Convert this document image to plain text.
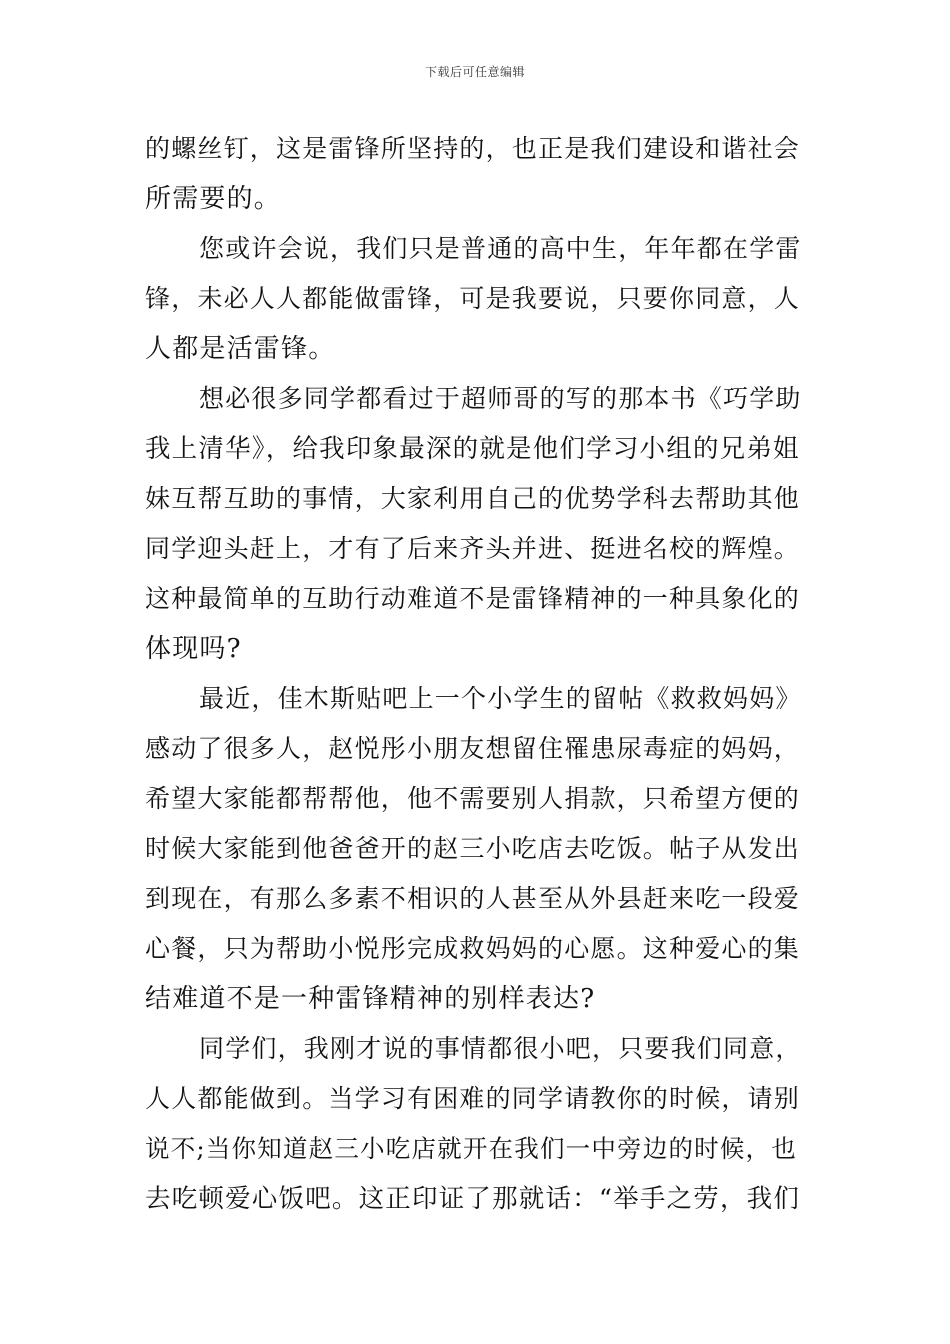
下载后可任意编辑
的螺丝钉，这是雷锋所坚持的，也正是我们建设和谐社会
所需要的。
您或许会说，我们只是普通的高中生，年年都在学雷
锋，未必人人都能做雷锋，可是我要说，只要你同意，人
人都是活雷锋。
想必很多同学都看过于超师哥的写的那本书《巧学助
我上清华》，给我印象最深的就是他们学习小组的兄弟姐
妹互帮互助的事情，大家利用自己的优势学科去帮助其他
同学迎头赶上，才有了后来齐头并进、挺进名校的辉煌。
这种最简单的互助行动难道不是雷锋精神的一种具象化的
体现吗?
最近，佳木斯贴吧上一个小学生的留帖《救救妈妈》
感动了很多人，赵悦彤小朋友想留住罹患尿毒症的妈妈，
希望大家能都帮帮他，他不需要别人捐款，只希望方便的
时候大家能到他爸爸开的赵三小吃店去吃饭。帖子从发出
到现在，有那么多素不相识的人甚至从外县赶来吃一段爱
心餐，只为帮助小悦彤完成救妈妈的心愿。这种爱心的集
结难道不是一种雷锋精神的别样表达?
同学们，我刚才说的事情都很小吧，只要我们同意，
人人都能做到。当学习有困难的同学请教你的时候，请别
说不;当你知道赵三小吃店就开在我们一中旁边的时候，也
去吃顿爱心饭吧。这正印证了那就话：“举手之劳，我们
